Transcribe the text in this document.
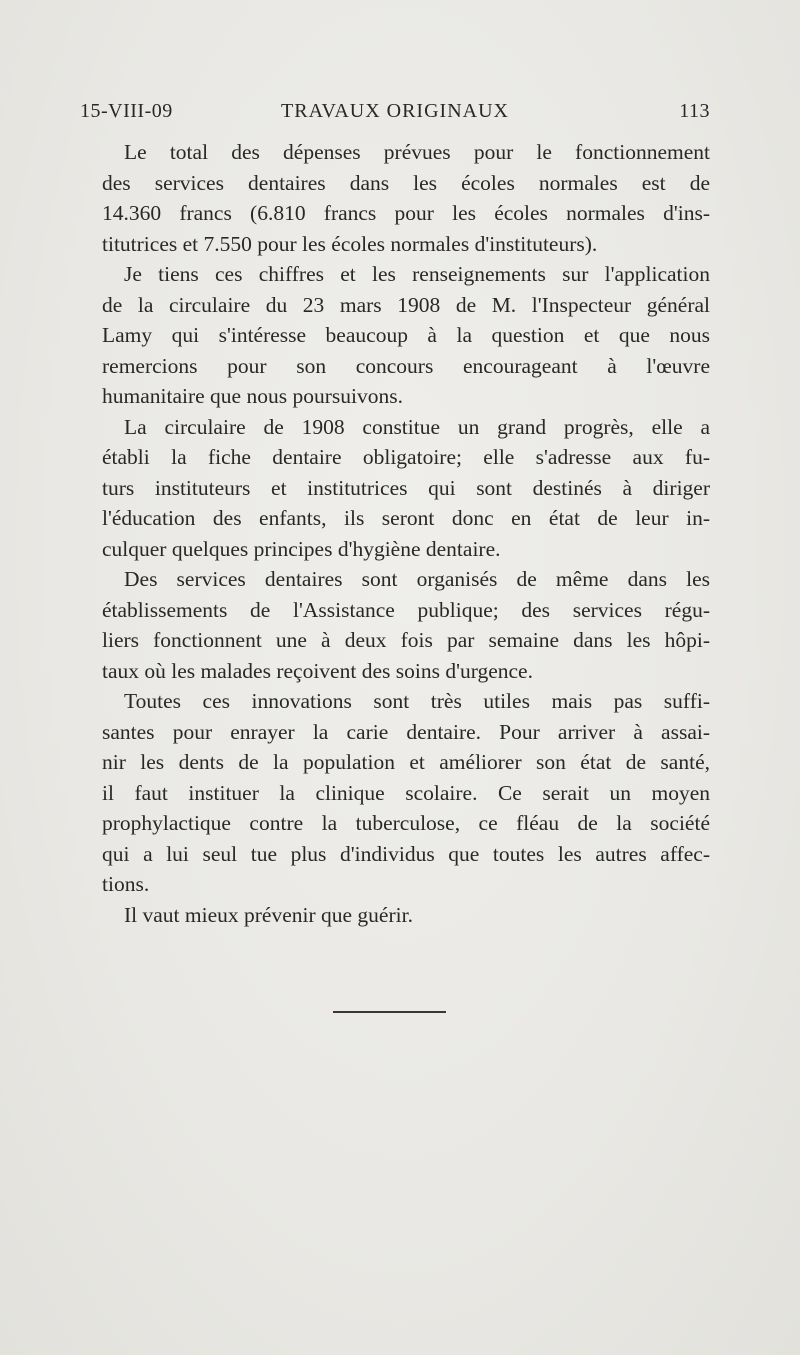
15-VIII-09	TRAVAUX ORIGINAUX	113

Le total des dépenses prévues pour le fonctionnement
des services dentaires dans les écoles normales est de
14.360 francs (6.810 francs pour les écoles normales d'ins-
titutrices et 7.550 pour les écoles normales d'instituteurs).

Je tiens ces chiffres et les renseignements sur l'application
de la circulaire du 23 mars 1908 de M. l'Inspecteur général
Lamy qui s'intéresse beaucoup à la question et que nous
remercions pour son concours encourageant à l'œuvre
humanitaire que nous poursuivons.

La circulaire de 1908 constitue un grand progrès, elle a
établi la fiche dentaire obligatoire; elle s'adresse aux fu-
turs instituteurs et institutrices qui sont destinés à diriger
l'éducation des enfants, ils seront donc en état de leur in-
culquer quelques principes d'hygiène dentaire.

Des services dentaires sont organisés de même dans les
établissements de l'Assistance publique; des services régu-
liers fonctionnent une à deux fois par semaine dans les hôpi-
taux où les malades reçoivent des soins d'urgence.

Toutes ces innovations sont très utiles mais pas suffi-
santes pour enrayer la carie dentaire. Pour arriver à assai-
nir les dents de la population et améliorer son état de santé,
il faut instituer la clinique scolaire. Ce serait un moyen
prophylactique contre la tuberculose, ce fléau de la société
qui a lui seul tue plus d'individus que toutes les autres affec-
tions.

Il vaut mieux prévenir que guérir.
